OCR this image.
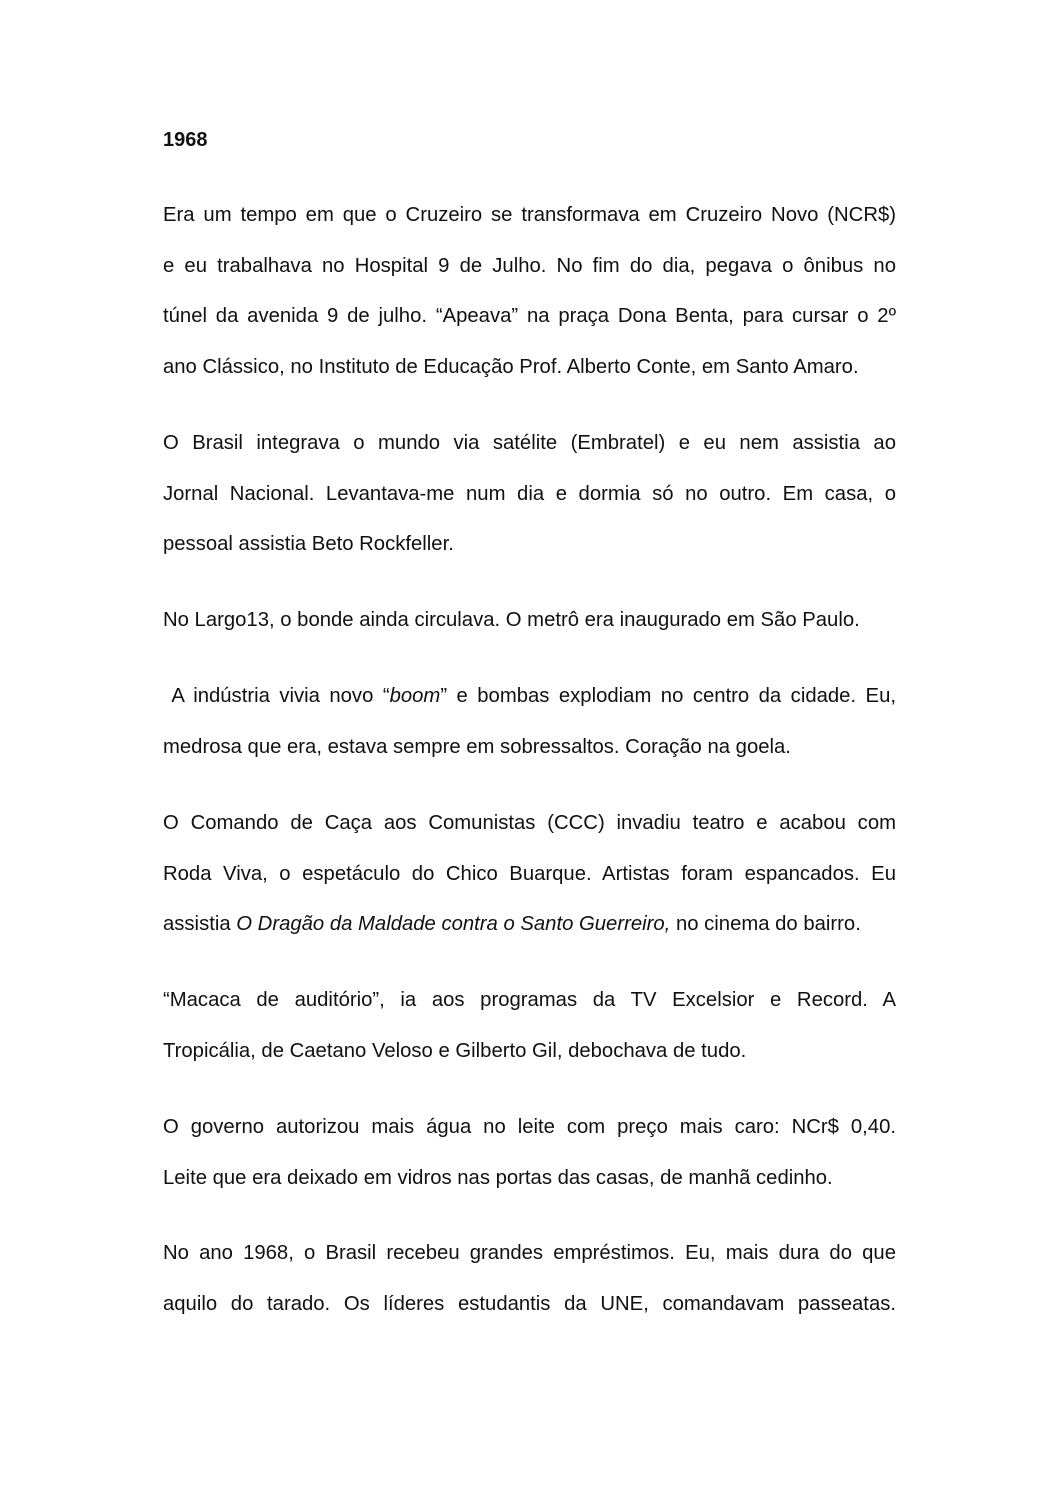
1968

Era um tempo em que o Cruzeiro se transformava em Cruzeiro Novo (NCR$)
e eu trabalhava no Hospital 9 de Julho. No fim do dia, pegava o ônibus no
túnel da avenida 9 de julho. “Apeava” na praça Dona Benta, para cursar o 2º
ano Clássico, no Instituto de Educação Prof. Alberto Conte, em Santo Amaro.

O Brasil integrava o mundo via satélite (Embratel) e eu nem assistia ao
Jornal Nacional. Levantava-me num dia e dormia só no outro. Em casa, o
pessoal assistia Beto Rockfeller.

No Largo13, o bonde ainda circulava. O metrô era inaugurado em São Paulo.

A indústria vivia novo “boom” e bombas explodiam no centro da cidade. Eu,
medrosa que era, estava sempre em sobressaltos. Coração na goela.

O Comando de Caça aos Comunistas (CCC) invadiu teatro e acabou com
Roda Viva, o espetáculo do Chico Buarque. Artistas foram espancados. Eu
assistia O Dragão da Maldade contra o Santo Guerreiro, no cinema do bairro.

“Macaca de auditório”, ia aos programas da TV Excelsior e Record. A
Tropicália, de Caetano Veloso e Gilberto Gil, debochava de tudo.

O governo autorizou mais água no leite com preço mais caro: NCr$ 0,40.
Leite que era deixado em vidros nas portas das casas, de manhã cedinho.

No ano 1968, o Brasil recebeu grandes empréstimos. Eu, mais dura do que
aquilo do tarado. Os líderes estudantis da UNE, comandavam passeatas.
